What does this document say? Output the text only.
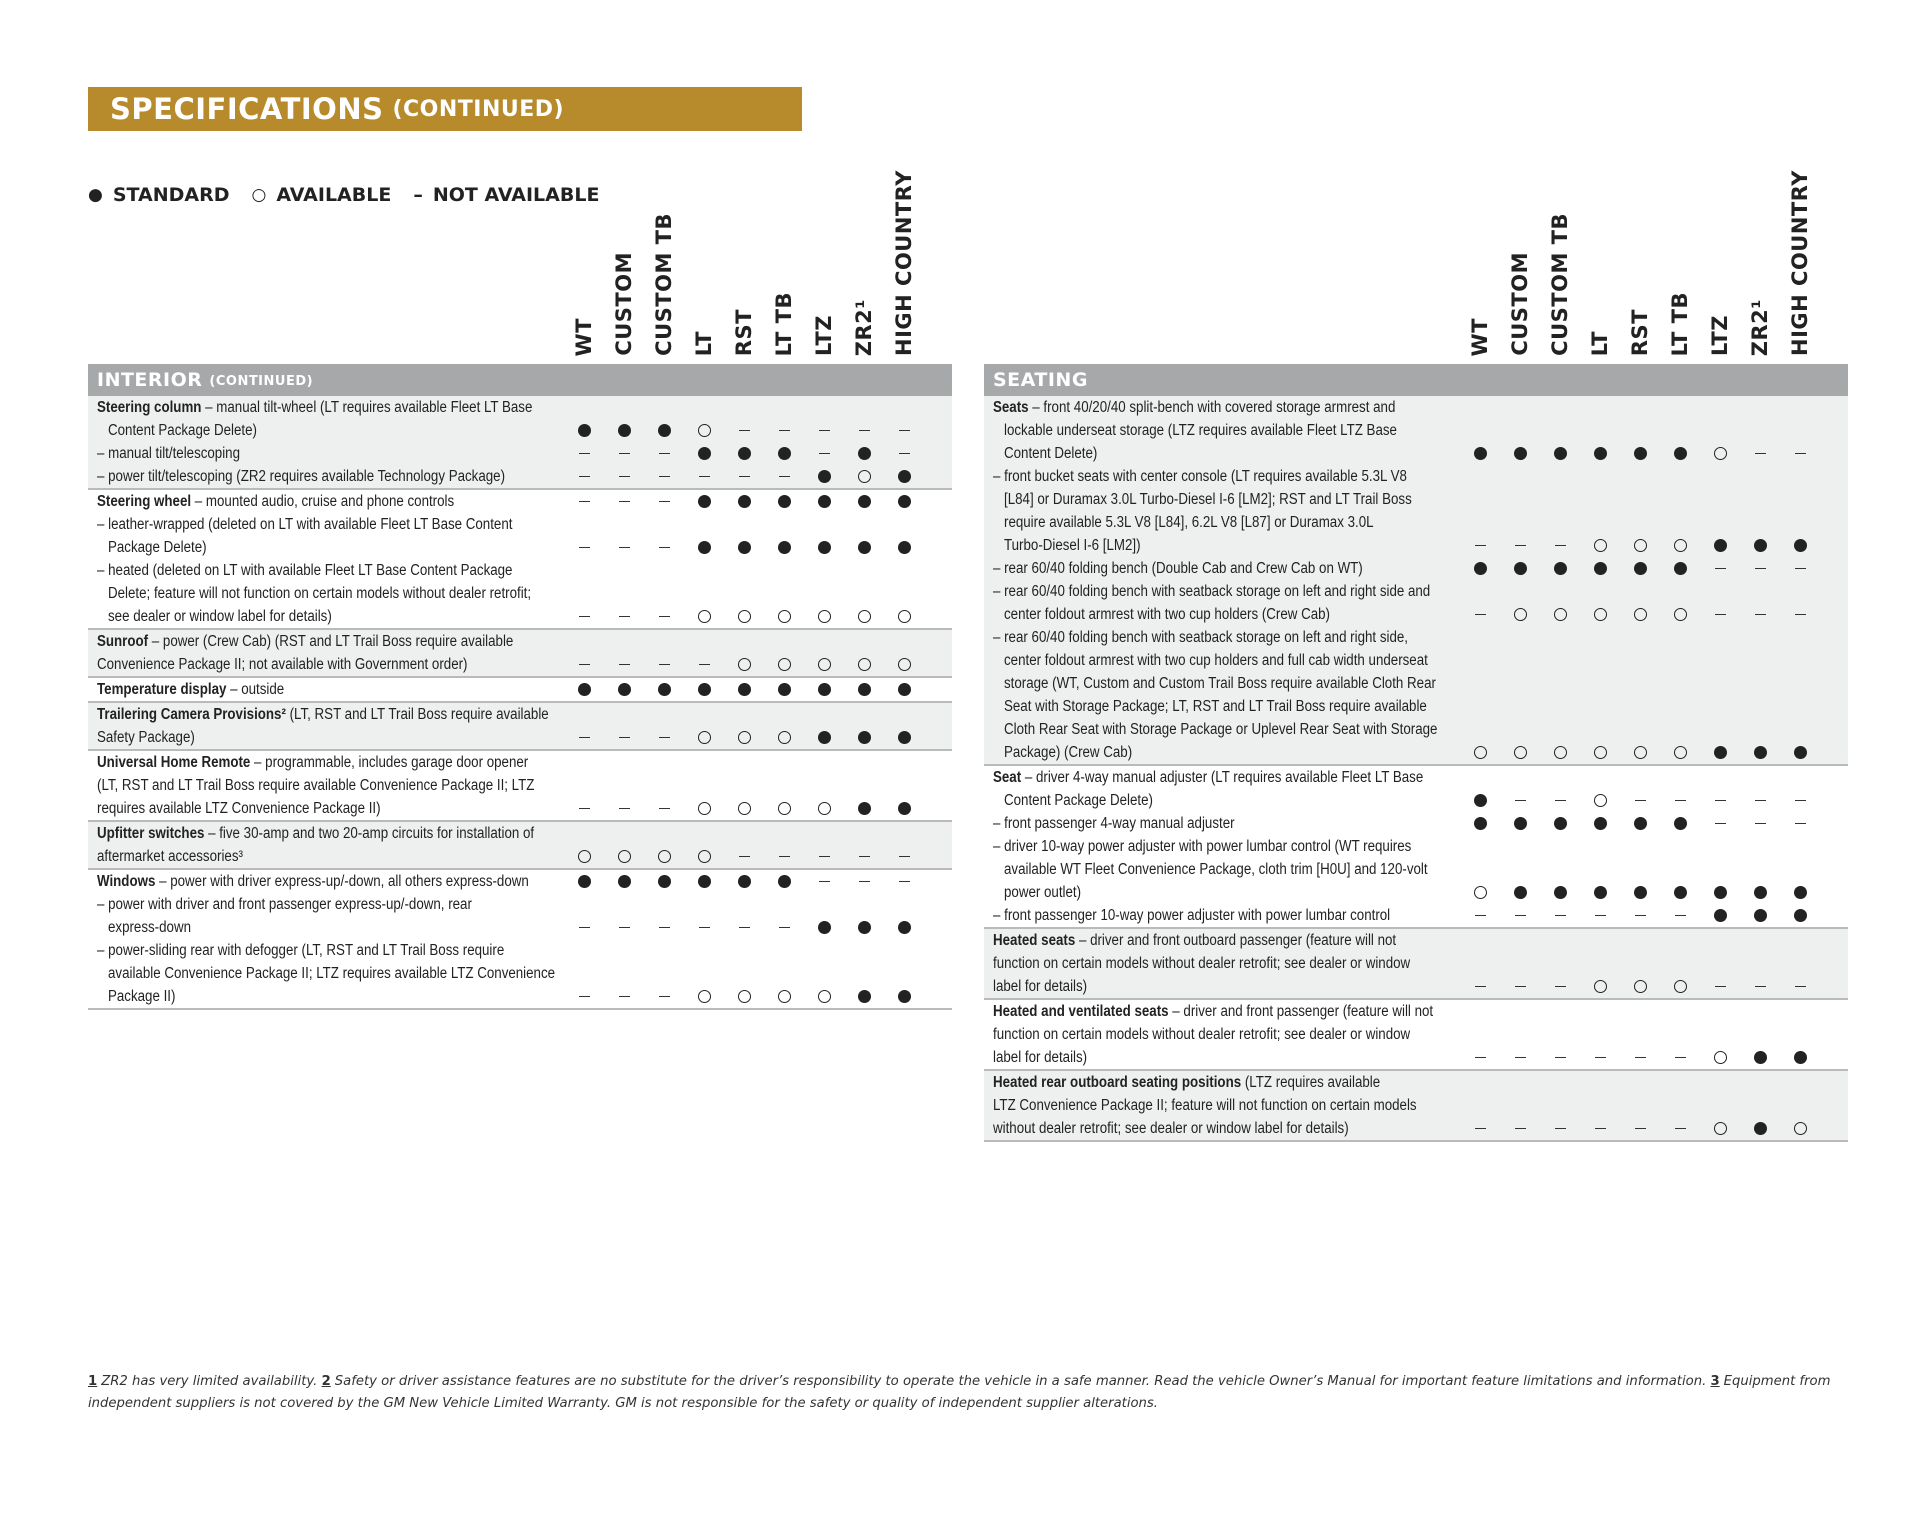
SPECIFICATIONS (CONTINUED)
● STANDARD ○ AVAILABLE – NOT AVAILABLE
WT CUSTOM CUSTOM TB LT RST LT TB LTZ ZR2¹ HIGH COUNTRY
INTERIOR (CONTINUED)
Steering column – manual tilt-wheel (LT requires available Fleet LT Base
Content Package Delete)
– manual tilt/telescoping
– power tilt/telescoping (ZR2 requires available Technology Package)
Steering wheel – mounted audio, cruise and phone controls
– leather-wrapped (deleted on LT with available Fleet LT Base Content
Package Delete)
– heated (deleted on LT with available Fleet LT Base Content Package
Delete; feature will not function on certain models without dealer retrofit;
see dealer or window label for details)
Sunroof – power (Crew Cab) (RST and LT Trail Boss require available
Convenience Package II; not available with Government order)
Temperature display – outside
Trailering Camera Provisions² (LT, RST and LT Trail Boss require available
Safety Package)
Universal Home Remote – programmable, includes garage door opener
(LT, RST and LT Trail Boss require available Convenience Package II; LTZ
requires available LTZ Convenience Package II)
Upfitter switches – five 30-amp and two 20-amp circuits for installation of
aftermarket accessories³
Windows – power with driver express-up/-down, all others express-down
– power with driver and front passenger express-up/-down, rear
express-down
– power-sliding rear with defogger (LT, RST and LT Trail Boss require
available Convenience Package II; LTZ requires available LTZ Convenience
Package II)
WT CUSTOM CUSTOM TB LT RST LT TB LTZ ZR2¹ HIGH COUNTRY
SEATING
Seats – front 40/20/40 split-bench with covered storage armrest and
lockable underseat storage (LTZ requires available Fleet LTZ Base
Content Delete)
– front bucket seats with center console (LT requires available 5.3L V8
[L84] or Duramax 3.0L Turbo-Diesel I-6 [LM2]; RST and LT Trail Boss
require available 5.3L V8 [L84], 6.2L V8 [L87] or Duramax 3.0L
Turbo-Diesel I-6 [LM2])
– rear 60/40 folding bench (Double Cab and Crew Cab on WT)
– rear 60/40 folding bench with seatback storage on left and right side and
center foldout armrest with two cup holders (Crew Cab)
– rear 60/40 folding bench with seatback storage on left and right side,
center foldout armrest with two cup holders and full cab width underseat
storage (WT, Custom and Custom Trail Boss require available Cloth Rear
Seat with Storage Package; LT, RST and LT Trail Boss require available
Cloth Rear Seat with Storage Package or Uplevel Rear Seat with Storage
Package) (Crew Cab)
Seat – driver 4-way manual adjuster (LT requires available Fleet LT Base
Content Package Delete)
– front passenger 4-way manual adjuster
– driver 10-way power adjuster with power lumbar control (WT requires
available WT Fleet Convenience Package, cloth trim [H0U] and 120-volt
power outlet)
– front passenger 10-way power adjuster with power lumbar control
Heated seats – driver and front outboard passenger (feature will not
function on certain models without dealer retrofit; see dealer or window
label for details)
Heated and ventilated seats – driver and front passenger (feature will not
function on certain models without dealer retrofit; see dealer or window
label for details)
Heated rear outboard seating positions (LTZ requires available
LTZ Convenience Package II; feature will not function on certain models
without dealer retrofit; see dealer or window label for details)
1 ZR2 has very limited availability. 2 Safety or driver assistance features are no substitute for the driver’s responsibility to operate the vehicle in a safe manner. Read the vehicle Owner’s Manual for important feature limitations and information. 3 Equipment from independent suppliers is not covered by the GM New Vehicle Limited Warranty. GM is not responsible for the safety or quality of independent supplier alterations.
